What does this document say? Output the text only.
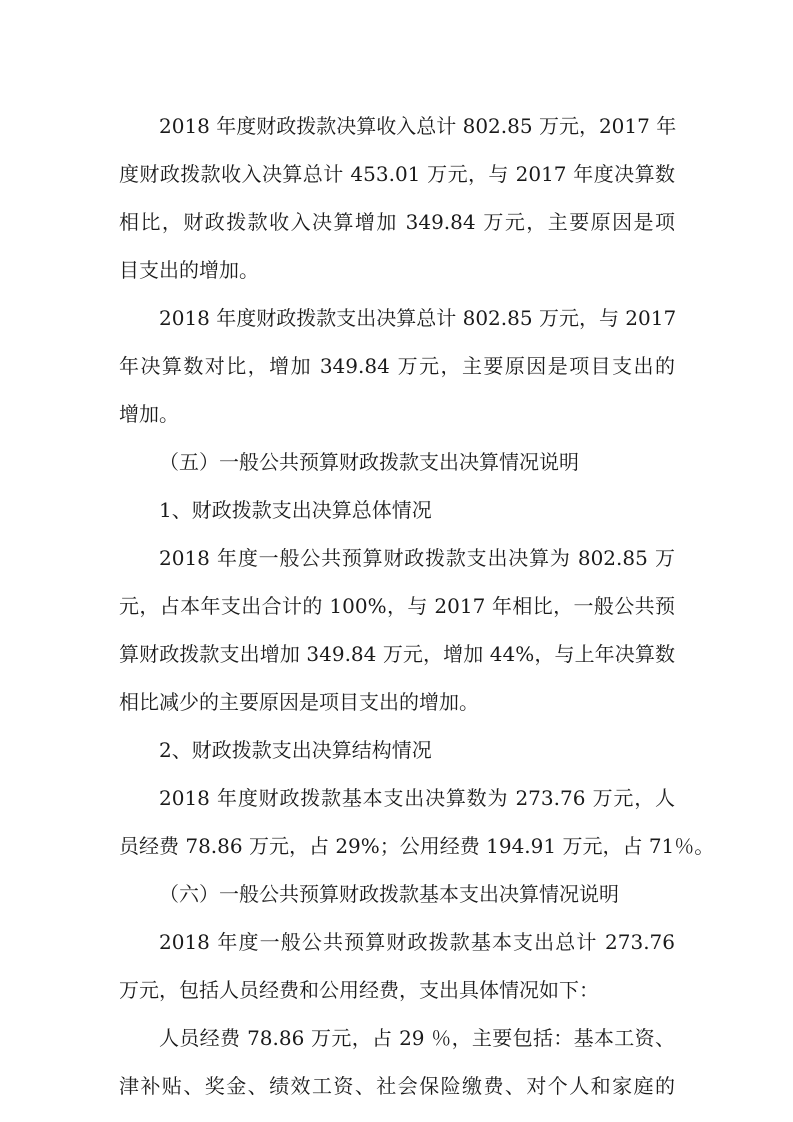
2018 年度财政拨款决算收入总计 802.85 万元，2017 年
度财政拨款收入决算总计 453.01 万元，与 2017 年度决算数
相比，财政拨款收入决算增加 349.84 万元，主要原因是项
目支出的增加。
2018 年度财政拨款支出决算总计 802.85 万元，与 2017
年决算数对比，增加 349.84 万元，主要原因是项目支出的
增加。
（五）一般公共预算财政拨款支出决算情况说明
1、财政拨款支出决算总体情况
2018 年度一般公共预算财政拨款支出决算为 802.85 万
元，占本年支出合计的 100%，与 2017 年相比，一般公共预
算财政拨款支出增加 349.84 万元，增加 44%，与上年决算数
相比减少的主要原因是项目支出的增加。
2、财政拨款支出决算结构情况
2018 年度财政拨款基本支出决算数为 273.76 万元，人
员经费 78.86 万元，占 29%；公用经费 194.91 万元，占 71％。
（六）一般公共预算财政拨款基本支出决算情况说明
2018 年度一般公共预算财政拨款基本支出总计 273.76
万元，包括人员经费和公用经费，支出具体情况如下：
人员经费 78.86 万元，占 29 ％，主要包括：基本工资、
津补贴、奖金、绩效工资、社会保险缴费、对个人和家庭的
